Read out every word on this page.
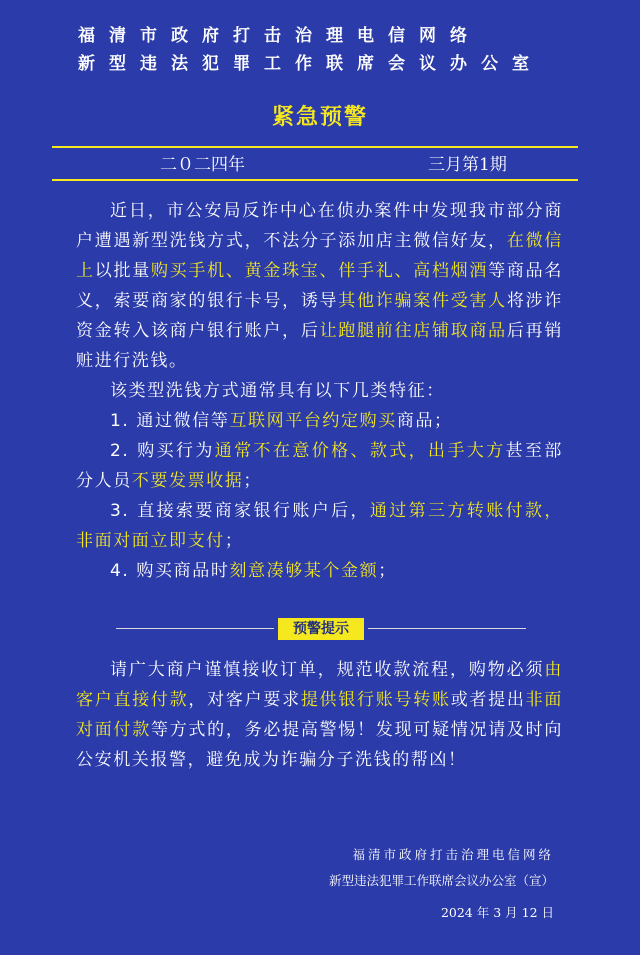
福清市政府打击治理电信网络
新型违法犯罪工作联席会议办公室
紧急预警
二０二四年	三月第1期

近日，市公安局反诈中心在侦办案件中发现我市部分商户遭遇新型洗钱方式，不法分子添加店主微信好友，在微信上以批量购买手机、黄金珠宝、伴手礼、高档烟酒等商品名义，索要商家的银行卡号，诱导其他诈骗案件受害人将涉诈资金转入该商户银行账户，后让跑腿前往店铺取商品后再销赃进行洗钱。

该类型洗钱方式通常具有以下几类特征：

1. 通过微信等互联网平台约定购买商品；

2. 购买行为通常不在意价格、款式，出手大方甚至部分人员不要发票收据；

3. 直接索要商家银行账户后，通过第三方转账付款，非面对面立即支付；

4. 购买商品时刻意凑够某个金额；

预警提示

请广大商户谨慎接收订单，规范收款流程，购物必须由客户直接付款，对客户要求提供银行账号转账或者提出非面对面付款等方式的，务必提高警惕！发现可疑情况请及时向公安机关报警，避免成为诈骗分子洗钱的帮凶！

福清市政府打击治理电信网络
新型违法犯罪工作联席会议办公室（宣）
2024 年 3 月 12 日
